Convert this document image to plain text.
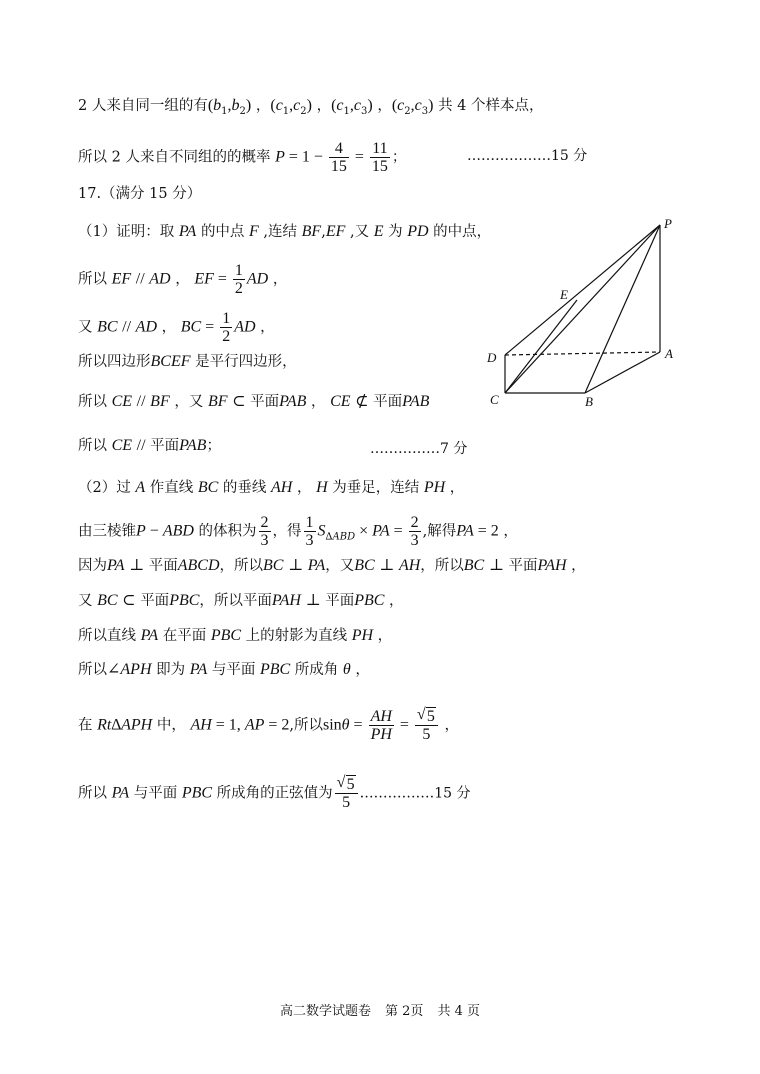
2 人来自同一组的有$(b_1,b_2)$ ，$(c_1,c_2)$ ，$(c_1,c_3)$ ，$(c_2,c_3)$ 共 4 个样本点，
所以 2 人来自不同组的的概率 $P = 1 - \frac{4}{15} = \frac{11}{15}$ ；	………………15 分
17.（满分 15 分）
（1）证明：取 PA 的中点 F ,连结 BF,EF ,又 E 为 PD 的中点，
所以 EF // AD ， EF = $\frac{1}{2}$ AD ，
又 BC // AD ， BC = $\frac{1}{2}$ AD ，
所以四边形BCEF 是平行四边形，
所以 CE // BF ，又 BF ⊂ 平面PAB ， CE ⊄ 平面PAB
所以 CE // 平面PAB；	……………7 分
（2）过 A 作直线 BC 的垂线 AH ， H 为垂足，连结 PH ，
由三棱锥P − ABD 的体积为 $\frac{2}{3}$ ，得 $\frac{1}{3} S_{\Delta ABD}$ × PA = $\frac{2}{3}$ ,解得PA = 2 ，
因为PA ⊥ 平面ABCD，所以BC ⊥ PA，又BC ⊥ AH，所以BC ⊥ 平面PAH ，
又 BC ⊂ 平面PBC，所以平面PAH ⊥ 平面PBC ，
所以直线 PA 在平面 PBC 上的射影为直线 PH ，
所以∠APH 即为 PA 与平面 PBC 所成角 θ ，
在 Rt∆APH 中， AH = 1, AP = 2,所以$\sin\theta = \frac{AH}{PH}$ = √ $\frac{5}{5}$ ，
所以 PA 与平面 PBC 所成角的正弦值为 √ $\frac{5}{5}$ .……………15 分
P
E
D	A
C	B
高二数学试题卷 第 2页 共 4 页
